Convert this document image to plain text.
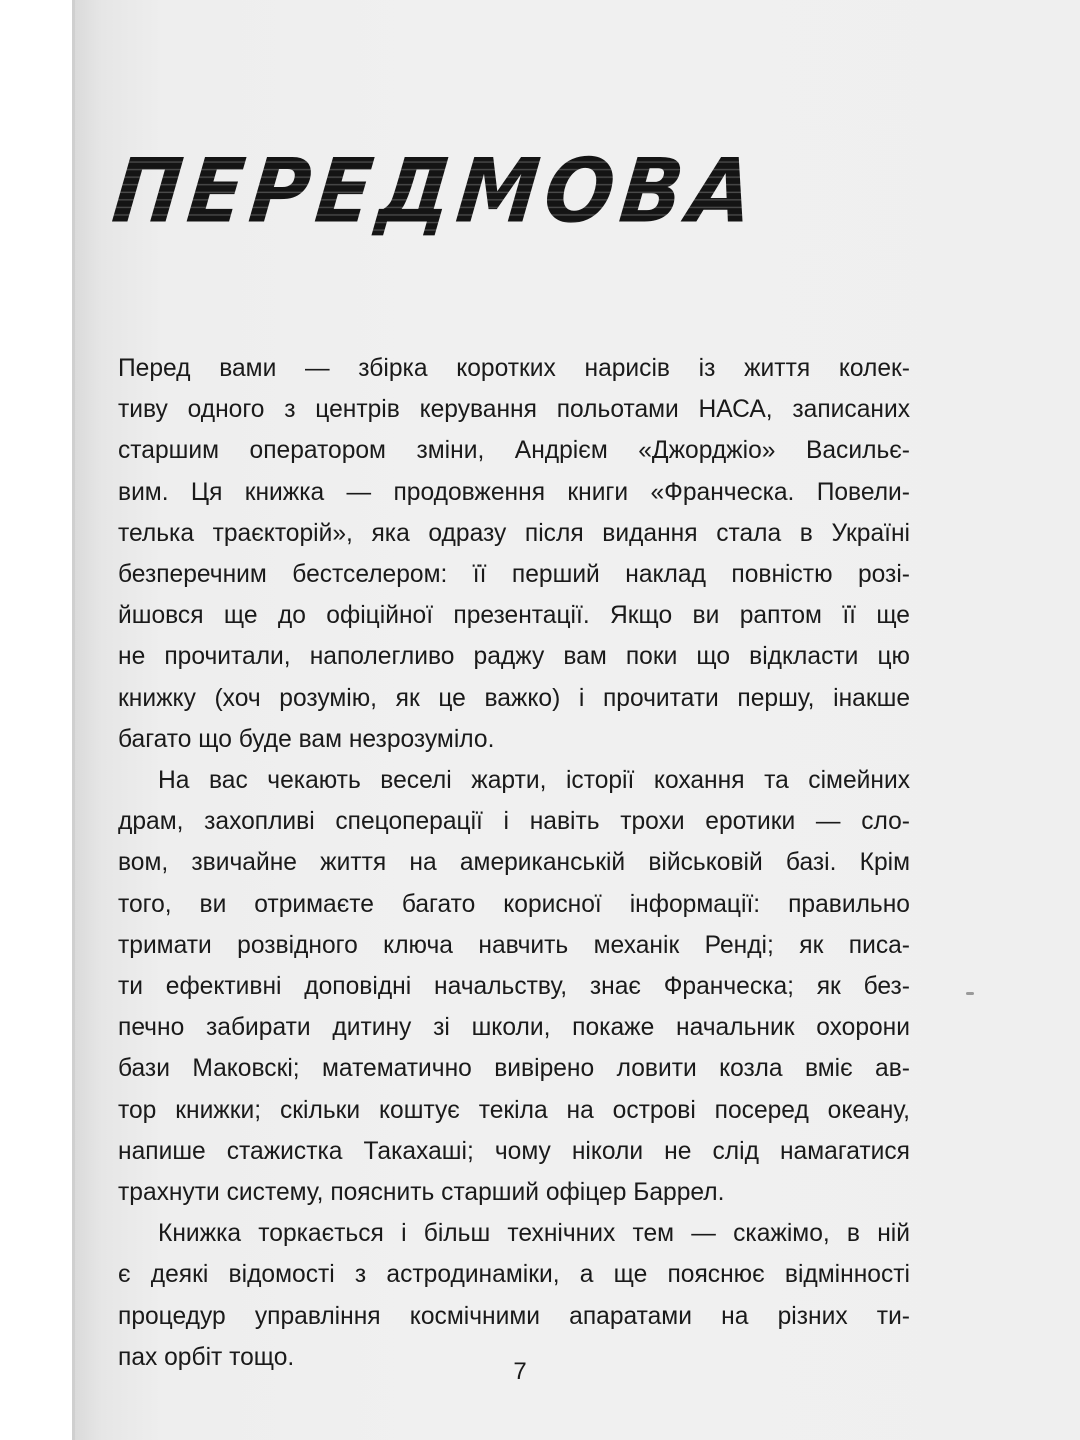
ПЕРЕДМОВА
Перед вами — збірка коротких нарисів із життя колек-
тиву одного з центрів керування польотами НАСА, записаних
старшим оператором зміни, Андрієм «Джорджіо» Васильє-
вим. Ця книжка — продовження книги «Франческа. Повели-
телька траєкторій», яка одразу після видання стала в Україні
безперечним бестселером: її перший наклад повністю розі-
йшовся ще до офіційної презентації. Якщо ви раптом її ще
не прочитали, наполегливо раджу вам поки що відкласти цю
книжку (хоч розумію, як це важко) і прочитати першу, інакше
багато що буде вам незрозуміло.
На вас чекають веселі жарти, історії кохання та сімейних
драм, захопливі спецоперації і навіть трохи еротики — сло-
вом, звичайне життя на американській військовій базі. Крім
того, ви отримаєте багато корисної інформації: правильно
тримати розвідного ключа навчить механік Ренді; як писа-
ти ефективні доповідні начальству, знає Франческа; як без-
печно забирати дитину зі школи, покаже начальник охорони
бази Маковскі; математично вивірено ловити козла вміє ав-
тор книжки; скільки коштує текіла на острові посеред океану,
напише стажистка Такахаші; чому ніколи не слід намагатися
трахнути систему, пояснить старший офіцер Баррел.
Книжка торкається і більш технічних тем — скажімо, в ній
є деякі відомості з астродинаміки, а ще пояснює відмінності
процедур управління космічними апаратами на різних ти-
пах орбіт тощо.
7
